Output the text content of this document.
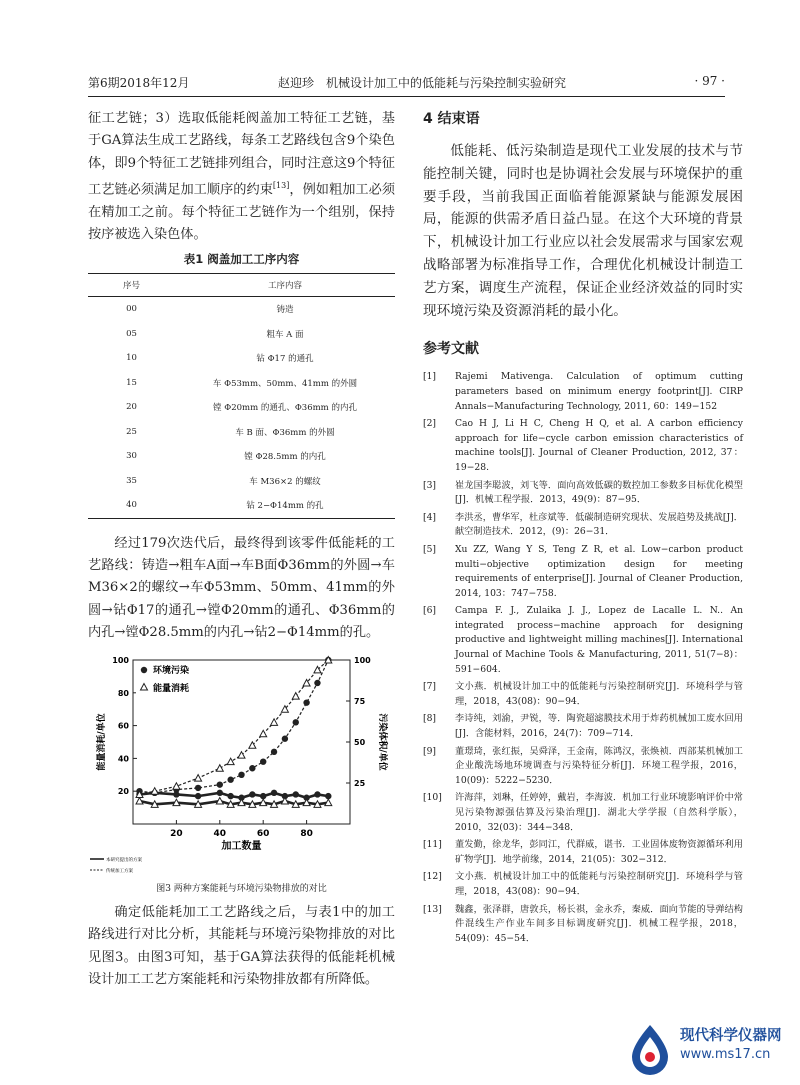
第6期2018年12月	赵迎珍　机械设计加工中的低能耗与污染控制实验研究	· 97 ·

征工艺链；3）选取低能耗阀盖加工特征工艺链，基于GA算法生成工艺路线，每条工艺路线包含9个染色体，即9个特征工艺链排列组合，同时注意这9个特征工艺链必须满足加工顺序的约束[13]，例如粗加工必须在精加工之前。每个特征工艺链作为一个组别，保持按序被选入染色体。

表1 阀盖加工工序内容
序号	工序内容
00	铸造
05	粗车 A 面
10	钻 Φ17 的通孔
15	车 Φ53mm、50mm、41mm 的外圆
20	镗 Φ20mm 的通孔、Φ36mm 的内孔
25	车 B 面、Φ36mm 的外圆
30	镗 Φ28.5mm 的内孔
35	车 M36×2 的螺纹
40	钻 2−Φ14mm 的孔

经过179次迭代后，最终得到该零件低能耗的工艺路线：铸造→粗车A面→车B面Φ36mm的外圆→车M36×2的螺纹→车Φ53mm、50mm、41mm的外圆→钻Φ17的通孔→镗Φ20mm的通孔、Φ36mm的内孔→镗Φ28.5mm的内孔→钻2−Φ14mm的孔。

20	40	60	80
20
40
60
80
100
25
50
75
100
加工数量
能量消耗/单位	污染体积/单位
环境污染
能量消耗
本研究提出的方案
传统加工方案
图3 两种方案能耗与环境污染物排放的对比

确定低能耗加工工艺路线之后，与表1中的加工路线进行对比分析，其能耗与环境污染物排放的对比见图3。由图3可知，基于GA算法获得的低能耗机械设计加工工艺方案能耗和污染物排放都有所降低。

4 结束语

低能耗、低污染制造是现代工业发展的技术与节能控制关键，同时也是协调社会发展与环境保护的重要手段，当前我国正面临着能源紧缺与能源发展困局，能源的供需矛盾日益凸显。在这个大环境的背景下，机械设计加工行业应以社会发展需求与国家宏观战略部署为标准指导工作，合理优化机械设计制造工艺方案，调度生产流程，保证企业经济效益的同时实现环境污染及资源消耗的最小化。

参考文献
[1] Rajemi Mativenga. Calculation of optimum cutting parameters based on minimum energy footprint[J]. CIRP Annals−Manufacturing Technology, 2011, 60：149−152
[2] Cao H J, Li H C, Cheng H Q, et al. A carbon efficiency approach for life−cycle carbon emission characteristics of machine tools[J]. Journal of Cleaner Production, 2012, 37：19−28.
[3] 崔龙国李聪波，刘飞等．面向高效低碳的数控加工参数多目标优化模型[J]．机械工程学报．2013，49(9)：87−95．
[4] 李洪丞，曹华军，杜彦斌等．低碳制造研究现状、发展趋势及挑战[J]．献空制造技术．2012，(9)：26−31．
[5] Xu ZZ, Wang Y S, Teng Z R, et al. Low−carbon product multi−objective optimization design for meeting requirements of enterprise[J]. Journal of Cleaner Production, 2014, 103：747−758.
[6] Campa F. J., Zulaika J. J., Lopez de Lacalle L. N.. An integrated process−machine approach for designing productive and lightweight milling machines[J]. International Journal of Machine Tools & Manufacturing, 2011, 51(7−8)：591−604.
[7] 文小燕．机械设计加工中的低能耗与污染控制研究[J]．环境科学与管理，2018，43(08)：90−94．
[8] 李诗纯，刘渝，尹锐，等．陶瓷超滤膜技术用于炸药机械加工废水回用[J]．含能材料，2016，24(7)：709−714．
[9] 董璟琦，张红振，吴舜泽，王金南，陈鸿汉，张焕祯．西部某机械加工企业酸洗场地环境调查与污染特征分析[J]．环境工程学报，2016，10(09)：5222−5230．
[10] 许海萍，刘琳，任婷婷，戴岩，李海波．机加工行业环境影响评价中常见污染物源强估算及污染治理[J]．湖北大学学报（自然科学版），2010，32(03)：344−348．
[11] 董发勤，徐龙华，彭同江，代群威，谌书．工业固体废物资源循环利用矿物学[J]．地学前缘，2014，21(05)：302−312．
[12] 文小燕．机械设计加工中的低能耗与污染控制研究[J]．环境科学与管理，2018，43(08)：90−94．
[13] 魏鑫，张泽群，唐敦兵，杨长祺，金永乔，秦威．面向节能的导弹结构件混线生产作业车间多目标调度研究[J]．机械工程学报，2018，54(09)：45−54．
现代科学仪器网
www.ms17.cn
